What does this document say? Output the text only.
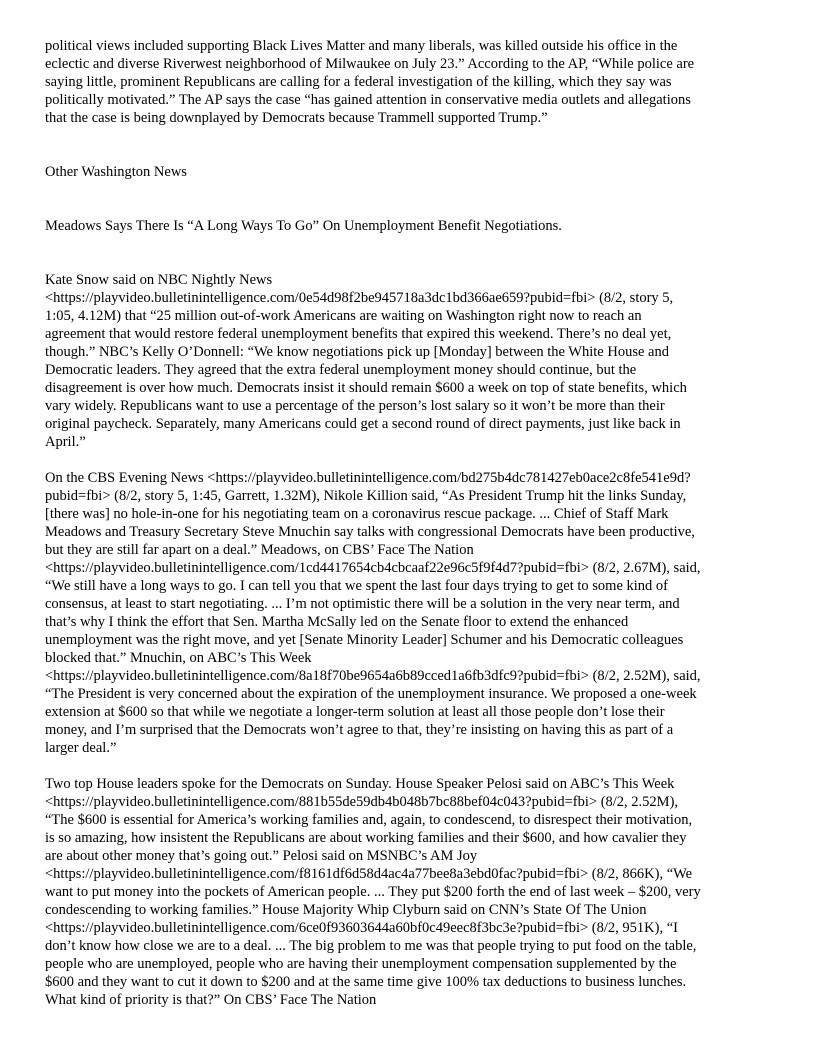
political views included supporting Black Lives Matter and many liberals, was killed outside his office in the
eclectic and diverse Riverwest neighborhood of Milwaukee on July 23.” According to the AP, “While police are
saying little, prominent Republicans are calling for a federal investigation of the killing, which they say was
politically motivated.” The AP says the case “has gained attention in conservative media outlets and allegations
that the case is being downplayed by Democrats because Trammell supported Trump.”

Other Washington News

Meadows Says There Is “A Long Ways To Go” On Unemployment Benefit Negotiations.

Kate Snow said on NBC Nightly News
<https://playvideo.bulletinintelligence.com/0e54d98f2be945718a3dc1bd366ae659?pubid=fbi> (8/2, story 5,
1:05, 4.12M) that “25 million out-of-work Americans are waiting on Washington right now to reach an
agreement that would restore federal unemployment benefits that expired this weekend. There’s no deal yet,
though.” NBC’s Kelly O’Donnell: “We know negotiations pick up [Monday] between the White House and
Democratic leaders. They agreed that the extra federal unemployment money should continue, but the
disagreement is over how much. Democrats insist it should remain $600 a week on top of state benefits, which
vary widely. Republicans want to use a percentage of the person’s lost salary so it won’t be more than their
original paycheck. Separately, many Americans could get a second round of direct payments, just like back in
April.”

On the CBS Evening News <https://playvideo.bulletinintelligence.com/bd275b4dc781427eb0ace2c8fe541e9d?
pubid=fbi> (8/2, story 5, 1:45, Garrett, 1.32M), Nikole Killion said, “As President Trump hit the links Sunday,
[there was] no hole-in-one for his negotiating team on a coronavirus rescue package. ... Chief of Staff Mark
Meadows and Treasury Secretary Steve Mnuchin say talks with congressional Democrats have been productive,
but they are still far apart on a deal.” Meadows, on CBS’ Face The Nation
<https://playvideo.bulletinintelligence.com/1cd4417654cb4cbcaaf22e96c5f9f4d7?pubid=fbi> (8/2, 2.67M), said,
“We still have a long ways to go. I can tell you that we spent the last four days trying to get to some kind of
consensus, at least to start negotiating. ... I’m not optimistic there will be a solution in the very near term, and
that’s why I think the effort that Sen. Martha McSally led on the Senate floor to extend the enhanced
unemployment was the right move, and yet [Senate Minority Leader] Schumer and his Democratic colleagues
blocked that.” Mnuchin, on ABC’s This Week
<https://playvideo.bulletinintelligence.com/8a18f70be9654a6b89cced1a6fb3dfc9?pubid=fbi> (8/2, 2.52M), said,
“The President is very concerned about the expiration of the unemployment insurance. We proposed a one-week
extension at $600 so that while we negotiate a longer-term solution at least all those people don’t lose their
money, and I’m surprised that the Democrats won’t agree to that, they’re insisting on having this as part of a
larger deal.”

Two top House leaders spoke for the Democrats on Sunday. House Speaker Pelosi said on ABC’s This Week
<https://playvideo.bulletinintelligence.com/881b55de59db4b048b7bc88bef04c043?pubid=fbi> (8/2, 2.52M),
“The $600 is essential for America’s working families and, again, to condescend, to disrespect their motivation,
is so amazing, how insistent the Republicans are about working families and their $600, and how cavalier they
are about other money that’s going out.” Pelosi said on MSNBC’s AM Joy
<https://playvideo.bulletinintelligence.com/f8161df6d58d4ac4a77bee8a3ebd0fac?pubid=fbi> (8/2, 866K), “We
want to put money into the pockets of American people. ... They put $200 forth the end of last week – $200, very
condescending to working families.” House Majority Whip Clyburn said on CNN’s State Of The Union
<https://playvideo.bulletinintelligence.com/6ce0f93603644a60bf0c49eec8f3bc3e?pubid=fbi> (8/2, 951K), “I
don’t know how close we are to a deal. ... The big problem to me was that people trying to put food on the table,
people who are unemployed, people who are having their unemployment compensation supplemented by the
$600 and they want to cut it down to $200 and at the same time give 100% tax deductions to business lunches.
What kind of priority is that?” On CBS’ Face The Nation
